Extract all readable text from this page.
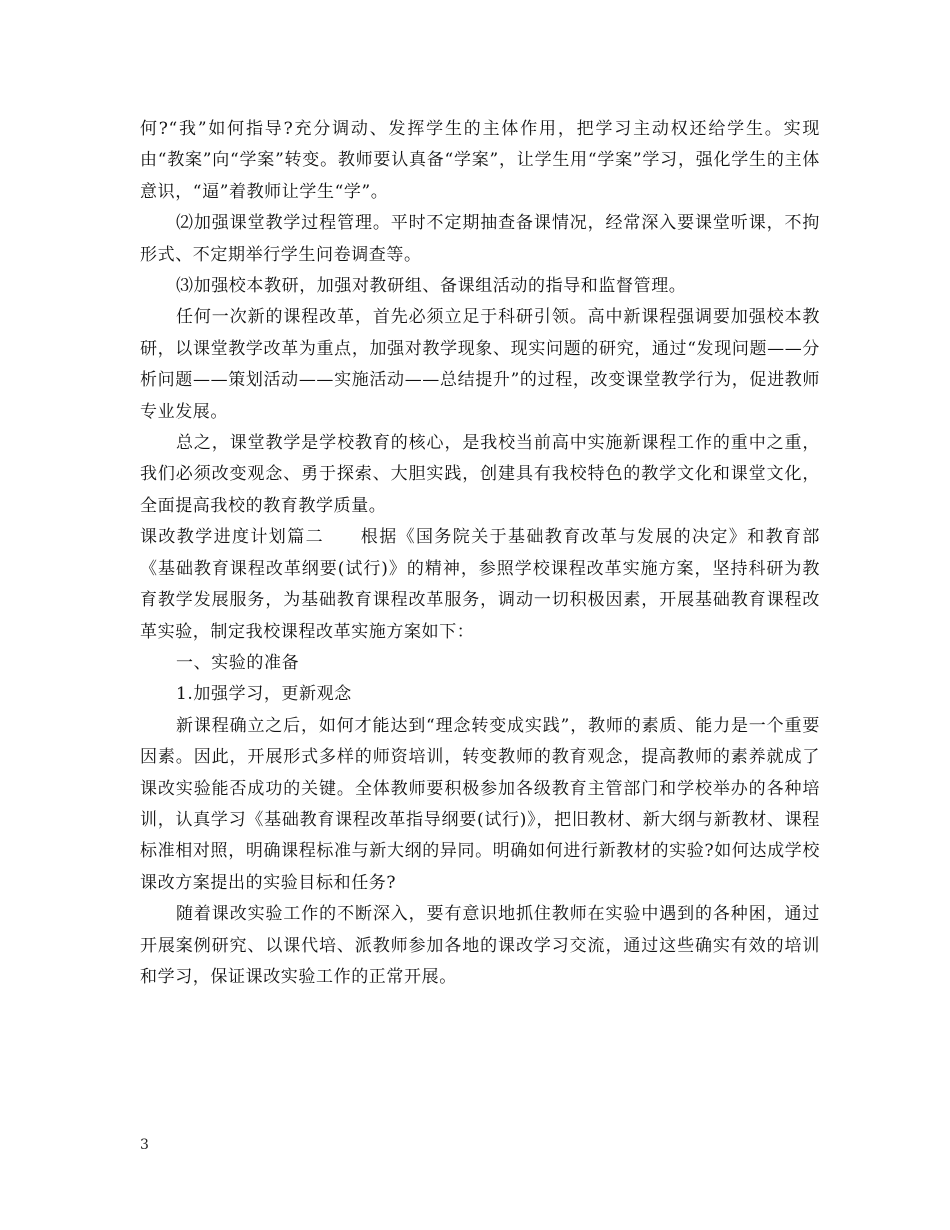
何?“我”如何指导?充分调动、发挥学生的主体作用，把学习主动权还给学生。实现由“教案”向“学案”转变。教师要认真备“学案”，让学生用“学案”学习，强化学生的主体意识，“逼”着教师让学生“学”。

⑵加强课堂教学过程管理。平时不定期抽查备课情况，经常深入要课堂听课，不拘形式、不定期举行学生问卷调查等。

⑶加强校本教研，加强对教研组、备课组活动的指导和监督管理。

任何一次新的课程改革，首先必须立足于科研引领。高中新课程强调要加强校本教研，以课堂教学改革为重点，加强对教学现象、现实问题的研究，通过“发现问题——分析问题——策划活动——实施活动——总结提升”的过程，改变课堂教学行为，促进教师专业发展。

总之，课堂教学是学校教育的核心，是我校当前高中实施新课程工作的重中之重，我们必须改变观念、勇于探索、大胆实践，创建具有我校特色的教学文化和课堂文化，全面提高我校的教育教学质量。

课改教学进度计划篇二　　根据《国务院关于基础教育改革与发展的决定》和教育部《基础教育课程改革纲要(试行)》的精神，参照学校课程改革实施方案，坚持科研为教育教学发展服务，为基础教育课程改革服务，调动一切积极因素，开展基础教育课程改革实验，制定我校课程改革实施方案如下：

一、实验的准备

1.加强学习，更新观念

新课程确立之后，如何才能达到“理念转变成实践”，教师的素质、能力是一个重要因素。因此，开展形式多样的师资培训，转变教师的教育观念，提高教师的素养就成了课改实验能否成功的关键。全体教师要积极参加各级教育主管部门和学校举办的各种培训，认真学习《基础教育课程改革指导纲要(试行)》，把旧教材、新大纲与新教材、课程标准相对照，明确课程标准与新大纲的异同。明确如何进行新教材的实验?如何达成学校课改方案提出的实验目标和任务?

随着课改实验工作的不断深入，要有意识地抓住教师在实验中遇到的各种困，通过开展案例研究、以课代培、派教师参加各地的课改学习交流，通过这些确实有效的培训和学习，保证课改实验工作的正常开展。

3
